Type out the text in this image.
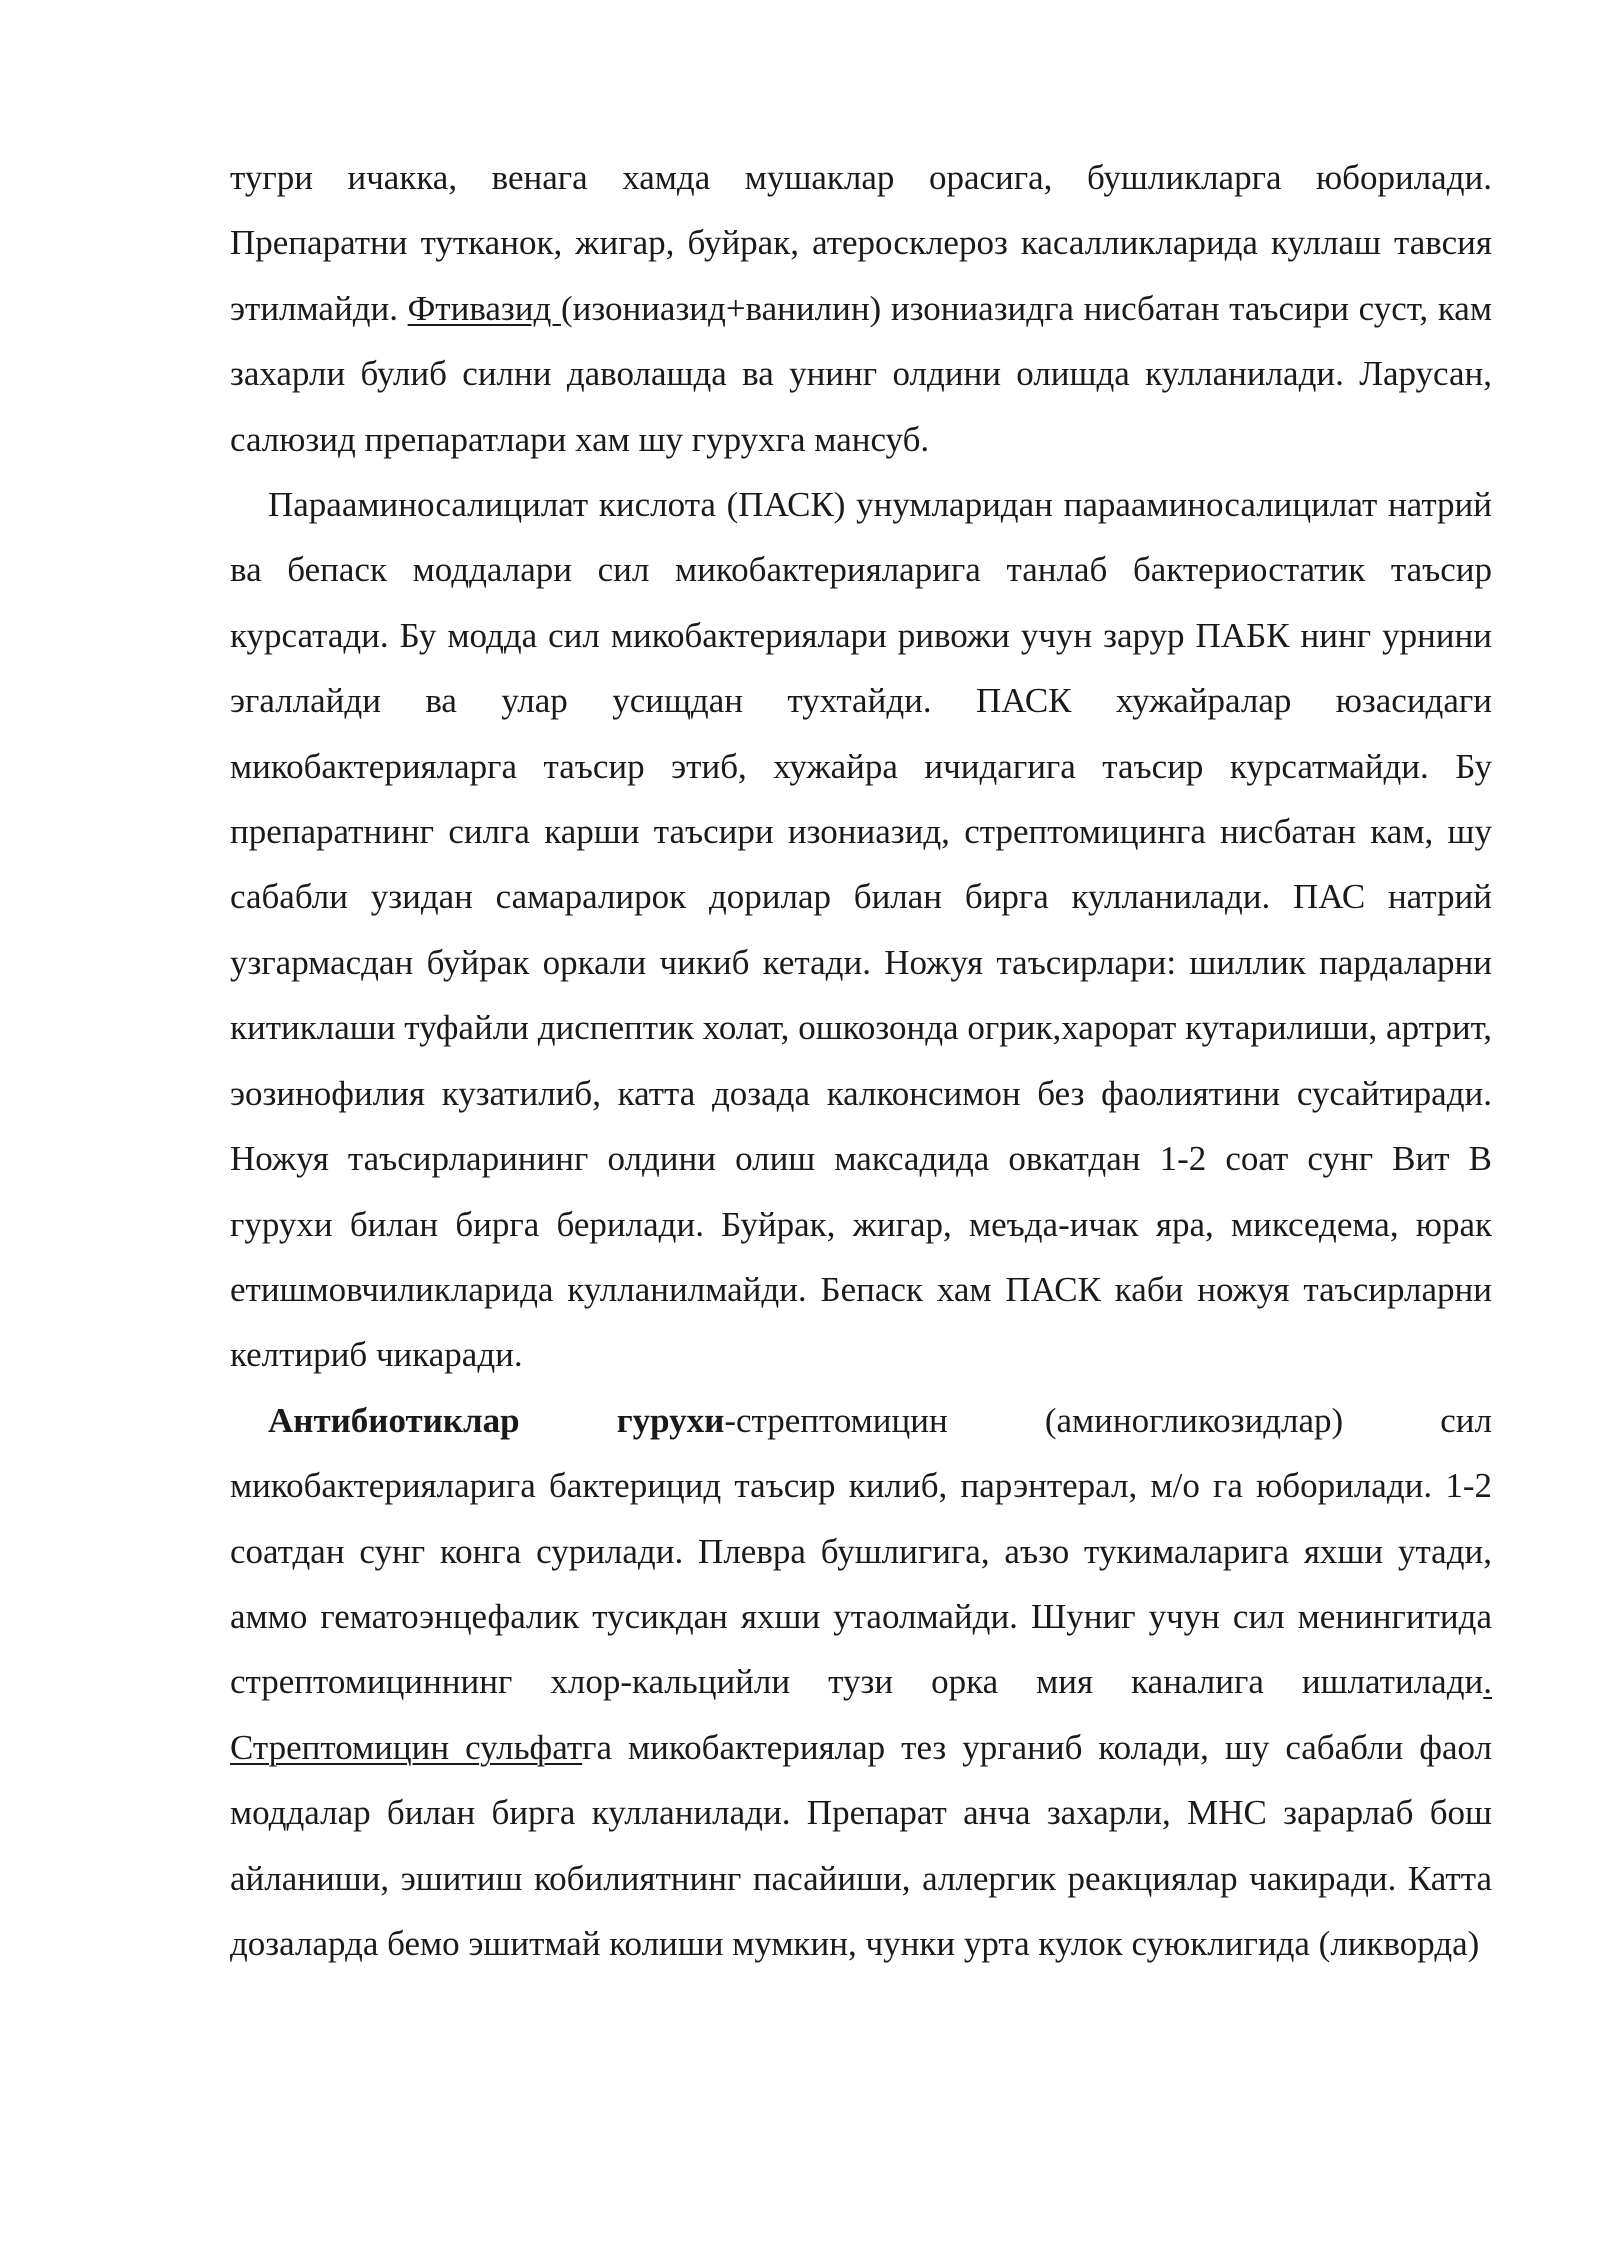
тугри ичакка, венага хамда мушаклар орасига, бушликларга юборилади. Препаратни тутканок, жигар, буйрак, атеросклероз касалликларида куллаш тавсия этилмайди. Фтивазид (изониазид+ванилин) изониазидга нисбатан таъсири суст, кам захарли булиб силни даволашда ва унинг олдини олишда кулланилади. Ларусан, салюзид препаратлари хам шу гурухга мансуб.

Парааминосалицилат кислота (ПАСК) унумларидан парааминосалицилат натрий ва бепаск моддалари сил микобактерияларига танлаб бактериостатик таъсир курсатади. Бу модда сил микобактериялари ривожи учун зарур ПАБК нинг урнини эгаллайди ва улар усищдан тухтайди. ПАСК хужайралар юзасидаги микобактерияларга таъсир этиб, хужайра ичидагига таъсир курсатмайди. Бу препаратнинг силга карши таъсири изониазид, стрептомицинга нисбатан кам, шу сабабли узидан самаралирок дорилар билан бирга кулланилади. ПАС натрий узгармасдан буйрак оркали чикиб кетади. Ножуя таъсирлари: шиллик пардаларни китиклаши туфайли диспептик холат, ошкозонда огрик,харорат кутарилиши, артрит, эозинофилия кузатилиб, катта дозада калконсимон без фаолиятини сусайтиради. Ножуя таъсирларининг олдини олиш максадида овкатдан 1-2 соат сунг Вит В гурухи билан бирга берилади. Буйрак, жигар, меъда-ичак яра, микседема, юрак етишмовчиликларида кулланилмайди. Бепаск хам ПАСК каби ножуя таъсирларни келтириб чикаради.

Антибиотиклар гурухи-стрептомицин (аминогликозидлар) сил микобактерияларига бактерицид таъсир килиб, парэнтерал, м/о га юборилади. 1-2 соатдан сунг конга сурилади. Плевра бушлигига, аъзо тукималарига яхши утади, аммо гематоэнцефалик тусикдан яхши утаолмайди. Шуниг учун сил менингитида стрептомициннинг хлор-кальцийли тузи орка мия каналига ишлатилади. Стрептомицин сульфатга микобактериялар тез урганиб колади, шу сабабли фаол моддалар билан бирга кулланилади. Препарат анча захарли, МНС зарарлаб бош айланиши, эшитиш кобилиятнинг пасайиши, аллергик реакциялар чакиради. Катта дозаларда бемо эшитмай колиши мумкин, чунки урта кулок суюклигида (ликворда)
